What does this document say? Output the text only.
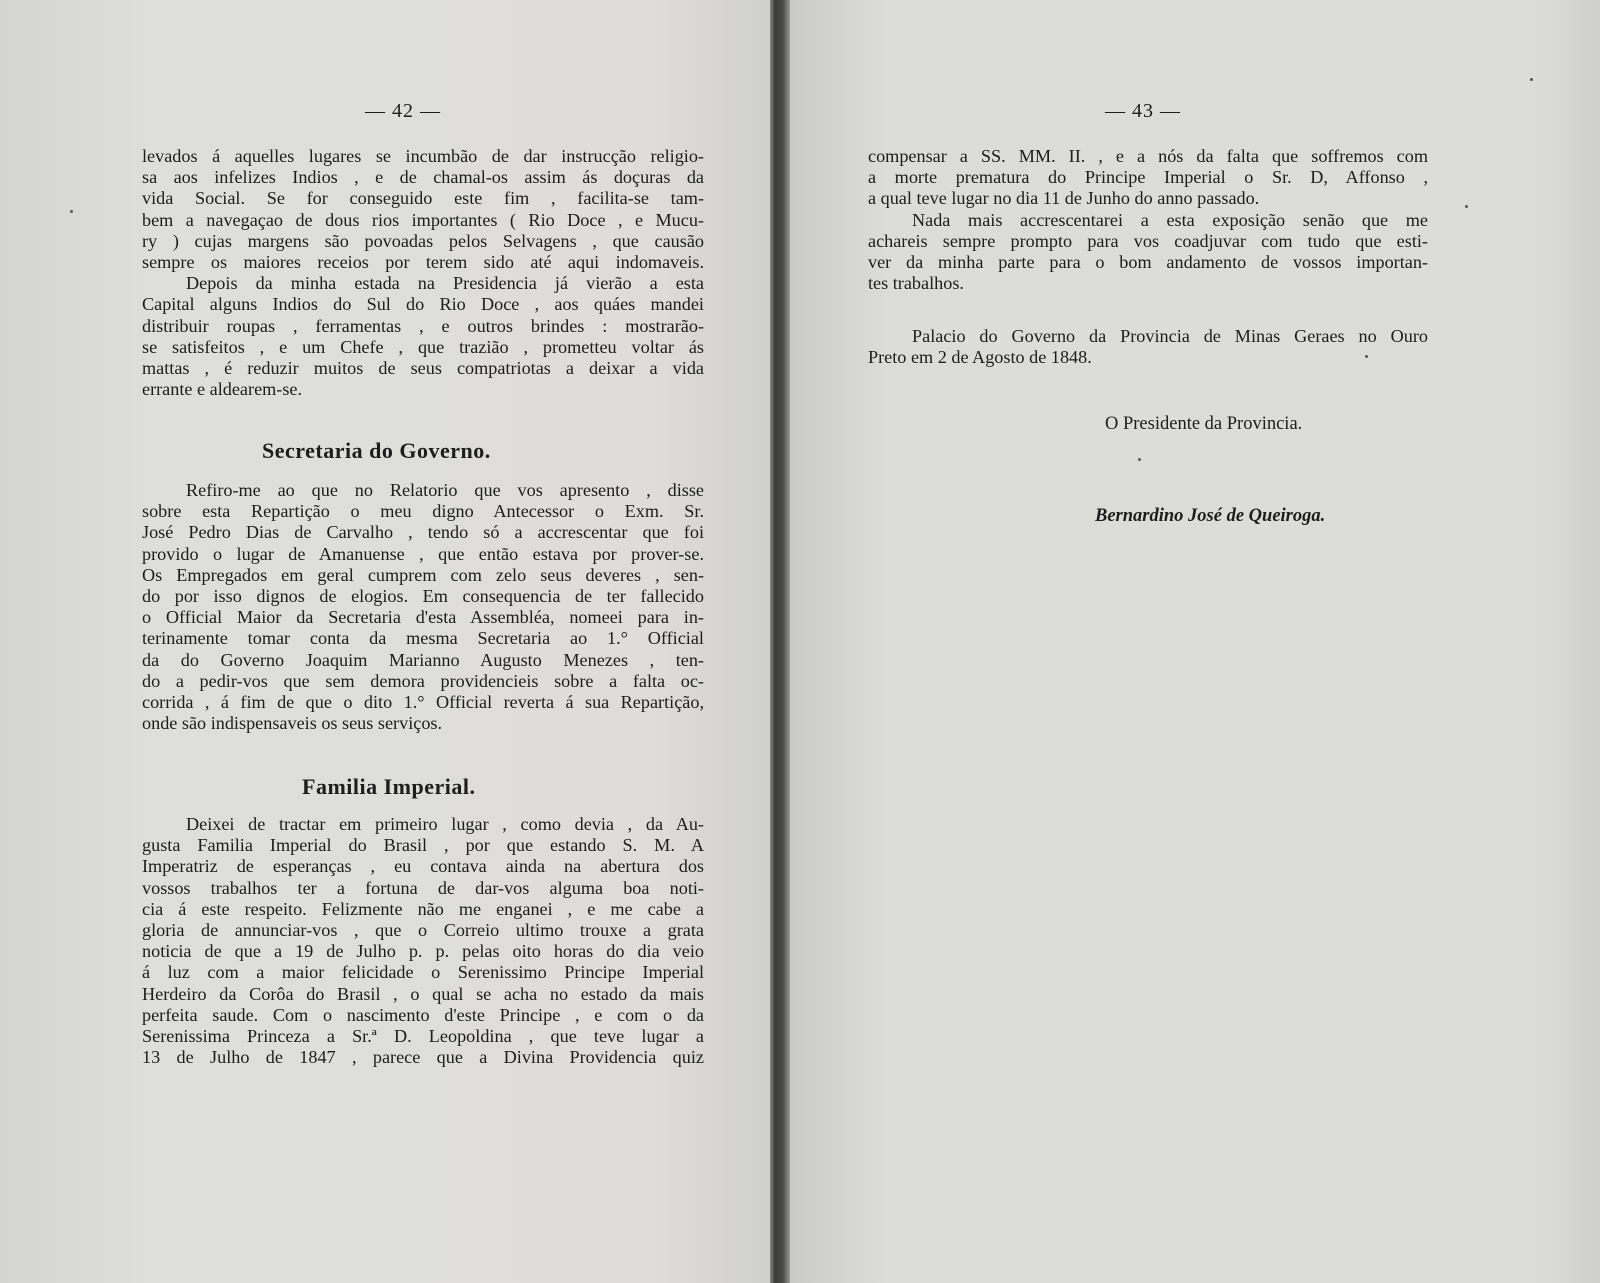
— 42 —
levados á aquelles lugares se incumbão de dar instrucção religio-
sa aos infelizes Indios , e de chamal-os assim ás doçuras da
vida Social. Se for conseguido este fim , facilita-se tam-
bem a navegaçao de dous rios importantes ( Rio Doce , e Mucu-
ry ) cujas margens são povoadas pelos Selvagens , que causão
sempre os maiores receios por terem sido até aqui indomaveis.
Depois da minha estada na Presidencia já vierão a esta
Capital alguns Indios do Sul do Rio Doce , aos quáes mandei
distribuir roupas , ferramentas , e outros brindes : mostrarão-
se satisfeitos , e um Chefe , que trazião , prometteu voltar ás
mattas , é reduzir muitos de seus compatriotas a deixar a vida
errante e aldearem-se.
Secretaria do Governo.
Refiro-me ao que no Relatorio que vos apresento , disse
sobre esta Repartição o meu digno Antecessor o Exm. Sr.
José Pedro Dias de Carvalho , tendo só a accrescentar que foi
provido o lugar de Amanuense , que então estava por prover-se.
Os Empregados em geral cumprem com zelo seus deveres , sen-
do por isso dignos de elogios. Em consequencia de ter fallecido
o Official Maior da Secretaria d'esta Assembléa, nomeei para in-
terinamente tomar conta da mesma Secretaria ao 1.° Official
da do Governo Joaquim Marianno Augusto Menezes , ten-
do a pedir-vos que sem demora providencieis sobre a falta oc-
corrida , á fim de que o dito 1.° Official reverta á sua Repartição,
onde são indispensaveis os seus serviços.
Familia Imperial.
Deixei de tractar em primeiro lugar , como devia , da Au-
gusta Familia Imperial do Brasil , por que estando S. M. A
Imperatriz de esperanças , eu contava ainda na abertura dos
vossos trabalhos ter a fortuna de dar-vos alguma boa noti-
cia á este respeito. Felizmente não me enganei , e me cabe a
gloria de annunciar-vos , que o Correio ultimo trouxe a grata
noticia de que a 19 de Julho p. p. pelas oito horas do dia veio
á luz com a maior felicidade o Serenissimo Principe Imperial
Herdeiro da Corôa do Brasil , o qual se acha no estado da mais
perfeita saude. Com o nascimento d'este Principe , e com o da
Serenissima Princeza a Sr.ª D. Leopoldina , que teve lugar a
13 de Julho de 1847 , parece que a Divina Providencia quiz
— 43 —
compensar a SS. MM. II. , e a nós da falta que soffremos com
a morte prematura do Principe Imperial o Sr. D, Affonso ,
a qual teve lugar no dia 11 de Junho do anno passado.
Nada mais accrescentarei a esta exposição senão que me
achareis sempre prompto para vos coadjuvar com tudo que esti-
ver da minha parte para o bom andamento de vossos importan-
tes trabalhos.
Palacio do Governo da Provincia de Minas Geraes no Ouro
Preto em 2 de Agosto de 1848.
O Presidente da Provincia.
Bernardino José de Queiroga.
